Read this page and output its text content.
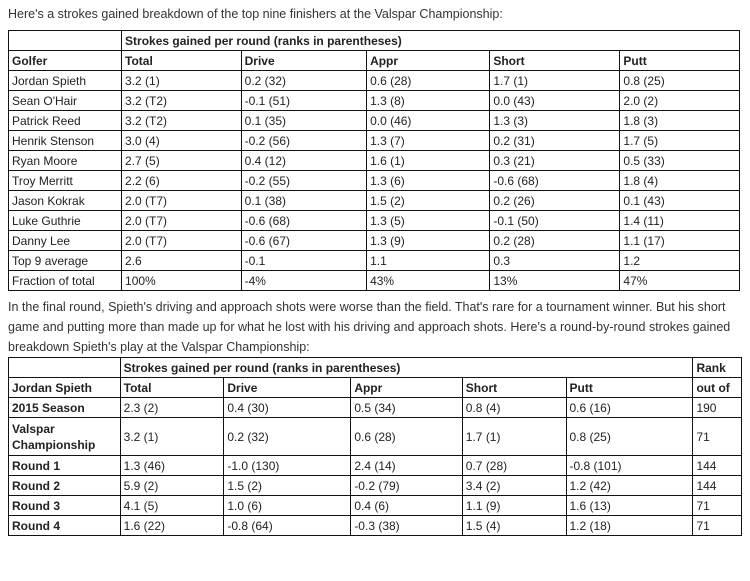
Here's a strokes gained breakdown of the top nine finishers at the Valspar Championship:

	Strokes gained per round (ranks in parentheses)				
Golfer	Total	Drive	Appr	Short	Putt
Jordan Spieth	3.2 (1)	0.2 (32)	0.6 (28)	1.7 (1)	0.8 (25)
Sean O'Hair	3.2 (T2)	-0.1 (51)	1.3 (8)	0.0 (43)	2.0 (2)
Patrick Reed	3.2 (T2)	0.1 (35)	0.0 (46)	1.3 (3)	1.8 (3)
Henrik Stenson	3.0 (4)	-0.2 (56)	1.3 (7)	0.2 (31)	1.7 (5)
Ryan Moore	2.7 (5)	0.4 (12)	1.6 (1)	0.3 (21)	0.5 (33)
Troy Merritt	2.2 (6)	-0.2 (55)	1.3 (6)	-0.6 (68)	1.8 (4)
Jason Kokrak	2.0 (T7)	0.1 (38)	1.5 (2)	0.2 (26)	0.1 (43)
Luke Guthrie	2.0 (T7)	-0.6 (68)	1.3 (5)	-0.1 (50)	1.4 (11)
Danny Lee	2.0 (T7)	-0.6 (67)	1.3 (9)	0.2 (28)	1.1 (17)
Top 9 average	2.6	-0.1	1.1	0.3	1.2
Fraction of total	100%	-4%	43%	13%	47%

In the final round, Spieth's driving and approach shots were worse than the field. That's rare for a tournament winner. But his short game and putting more than made up for what he lost with his driving and approach shots. Here's a round-by-round strokes gained breakdown Spieth's play at the Valspar Championship:

	Strokes gained per round (ranks in parentheses)					Rank
Jordan Spieth	Total	Drive	Appr	Short	Putt	out of
2015 Season	2.3 (2)	0.4 (30)	0.5 (34)	0.8 (4)	0.6 (16)	190
Valspar Championship	3.2 (1)	0.2 (32)	0.6 (28)	1.7 (1)	0.8 (25)	71
Round 1	1.3 (46)	-1.0 (130)	2.4 (14)	0.7 (28)	-0.8 (101)	144
Round 2	5.9 (2)	1.5 (2)	-0.2 (79)	3.4 (2)	1.2 (42)	144
Round 3	4.1 (5)	1.0 (6)	0.4 (6)	1.1 (9)	1.6 (13)	71
Round 4	1.6 (22)	-0.8 (64)	-0.3 (38)	1.5 (4)	1.2 (18)	71
